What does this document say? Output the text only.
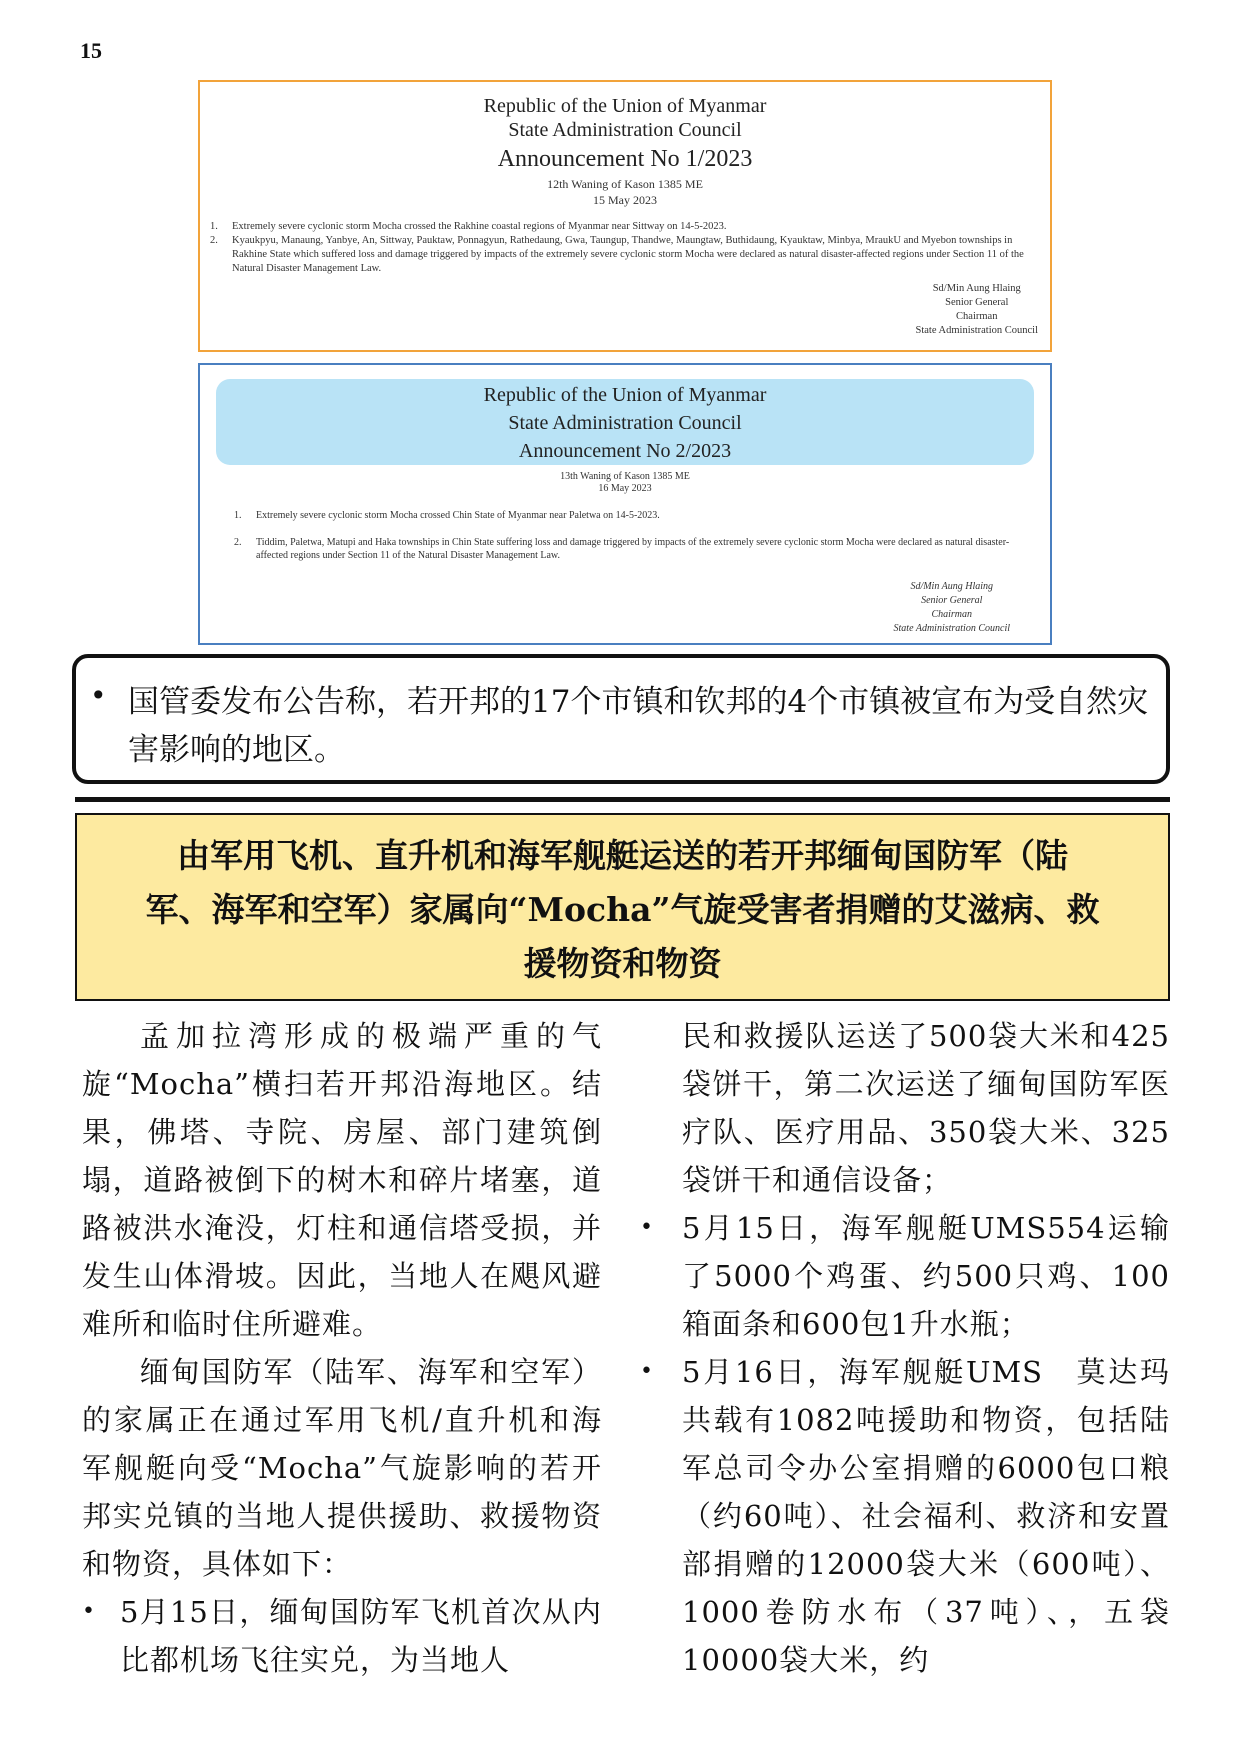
15
Republic of the Union of Myanmar
State Administration Council
Announcement No 1/2023
12th Waning of Kason 1385 ME
15 May 2023
1.	Extremely severe cyclonic storm Mocha crossed the Rakhine coastal regions of Myanmar near Sittway on 14-5-2023.
2.	Kyaukpyu, Manaung, Yanbye, An, Sittway, Pauktaw, Ponnagyun, Rathedaung, Gwa, Taungup, Thandwe, Maungtaw, Buthidaung, Kyauktaw, Minbya, MraukU and Myebon townships in Rakhine State which suffered loss and damage triggered by impacts of the extremely severe cyclonic storm Mocha were declared as natural disaster-affected regions under Section 11 of the Natural Disaster Management Law.
Sd/Min Aung Hlaing
Senior General
Chairman
State Administration Council
Republic of the Union of Myanmar
State Administration Council
Announcement No 2/2023
13th Waning of Kason 1385 ME
16 May 2023
1.	Extremely severe cyclonic storm Mocha crossed Chin State of Myanmar near Paletwa on 14-5-2023.
2.	Tiddim, Paletwa, Matupi and Haka townships in Chin State suffering loss and damage triggered by impacts of the extremely severe cyclonic storm Mocha were declared as natural disaster-affected regions under Section 11 of the Natural Disaster Management Law.
Sd/Min Aung Hlaing
Senior General
Chairman
State Administration Council
• 国管委发布公告称，若开邦的17个市镇和钦邦的4个市镇被宣布为受自然灾害影响的地区。
由军用飞机、直升机和海军舰艇运送的若开邦缅甸国防军（陆
军、海军和空军）家属向“Mocha”气旋受害者捐赠的艾滋病、救
援物资和物资

孟加拉湾形成的极端严重的气旋“Mocha”横扫若开邦沿海地区。结果，佛塔、寺院、房屋、部门建筑倒塌，道路被倒下的树木和碎片堵塞，道路被洪水淹没，灯柱和通信塔受损，并发生山体滑坡。因此，当地人在飓风避难所和临时住所避难。

缅甸国防军（陆军、海军和空军）的家属正在通过军用飞机/直升机和海军舰艇向受“Mocha”气旋影响的若开邦实兑镇的当地人提供援助、救援物资和物资，具体如下：

• 5月15日，缅甸国防军飞机首次从内比都机场飞往实兑，为当地人

民和救援队运送了500袋大米和425袋饼干，第二次运送了缅甸国防军医疗队、医疗用品、350袋大米、325袋饼干和通信设备；

• 5月15日，海军舰艇UMS554运输了5000个鸡蛋、约500只鸡、100箱面条和600包1升水瓶；

• 5月16日，海军舰艇UMS　莫达玛共载有1082吨援助和物资，包括陆军总司令办公室捐赠的6000包口粮（约60吨）、社会福利、救济和安置部捐赠的12000袋大米（600吨）、1000卷防水布（37吨）、，五袋10000袋大米，约
